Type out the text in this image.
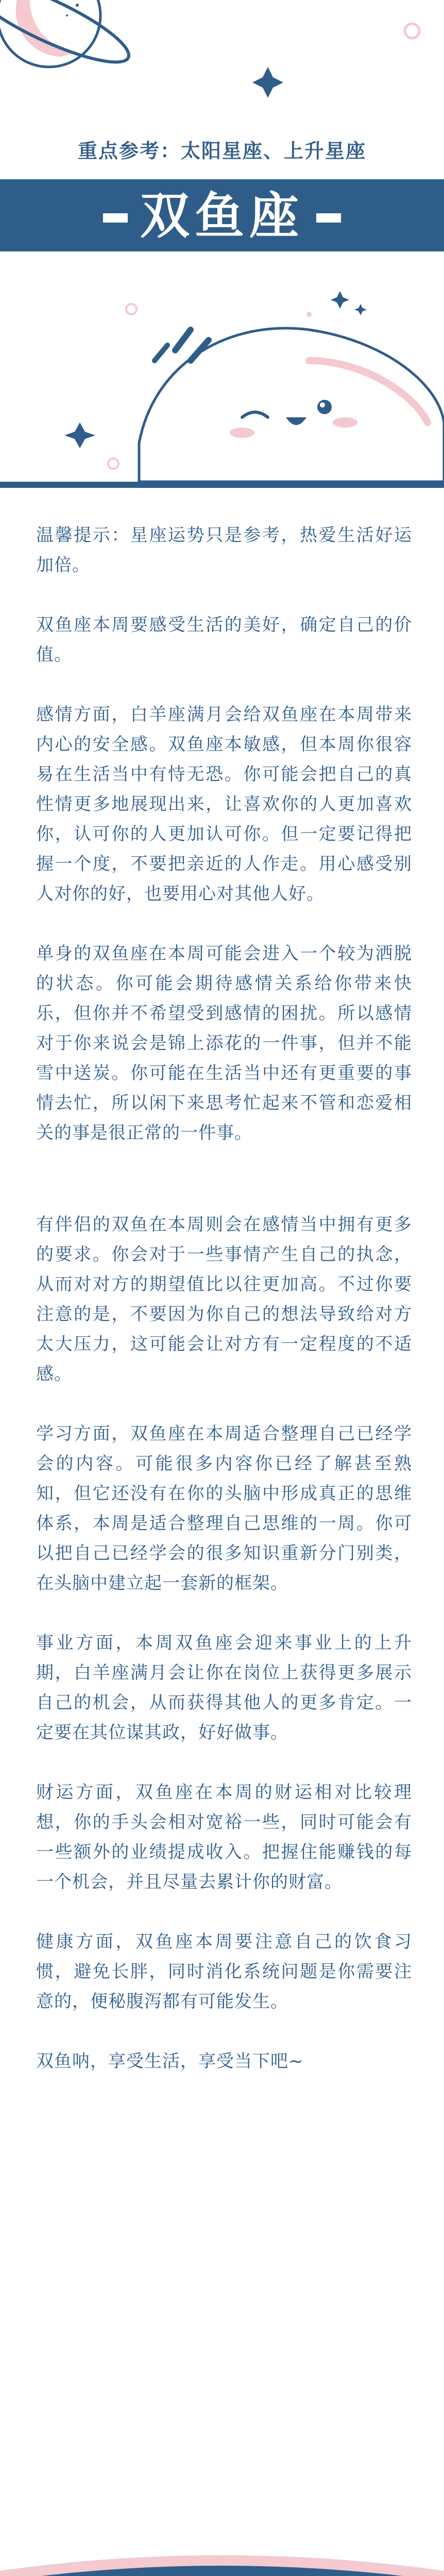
重点参考：太阳星座、上升星座
双鱼座

温馨提示：星座运势只是参考，热爱生活好运加倍。

双鱼座本周要感受生活的美好，确定自己的价值。

感情方面，白羊座满月会给双鱼座在本周带来内心的安全感。双鱼座本敏感，但本周你很容易在生活当中有恃无恐。你可能会把自己的真性情更多地展现出来，让喜欢你的人更加喜欢你，认可你的人更加认可你。但一定要记得把握一个度，不要把亲近的人作走。用心感受别人对你的好，也要用心对其他人好。

单身的双鱼座在本周可能会进入一个较为洒脱的状态。你可能会期待感情关系给你带来快乐，但你并不希望受到感情的困扰。所以感情对于你来说会是锦上添花的一件事，但并不能雪中送炭。你可能在生活当中还有更重要的事情去忙，所以闲下来思考忙起来不管和恋爱相关的事是很正常的一件事。

有伴侣的双鱼在本周则会在感情当中拥有更多的要求。你会对于一些事情产生自己的执念，从而对对方的期望值比以往更加高。不过你要注意的是，不要因为你自己的想法导致给对方太大压力，这可能会让对方有一定程度的不适感。

学习方面，双鱼座在本周适合整理自己已经学会的内容。可能很多内容你已经了解甚至熟知，但它还没有在你的头脑中形成真正的思维体系，本周是适合整理自己思维的一周。你可以把自己已经学会的很多知识重新分门别类，在头脑中建立起一套新的框架。

事业方面，本周双鱼座会迎来事业上的上升期，白羊座满月会让你在岗位上获得更多展示自己的机会，从而获得其他人的更多肯定。一定要在其位谋其政，好好做事。

财运方面，双鱼座在本周的财运相对比较理想，你的手头会相对宽裕一些，同时可能会有一些额外的业绩提成收入。把握住能赚钱的每一个机会，并且尽量去累计你的财富。

健康方面，双鱼座本周要注意自己的饮食习惯，避免长胖，同时消化系统问题是你需要注意的，便秘腹泻都有可能发生。

双鱼呐，享受生活，享受当下吧~
